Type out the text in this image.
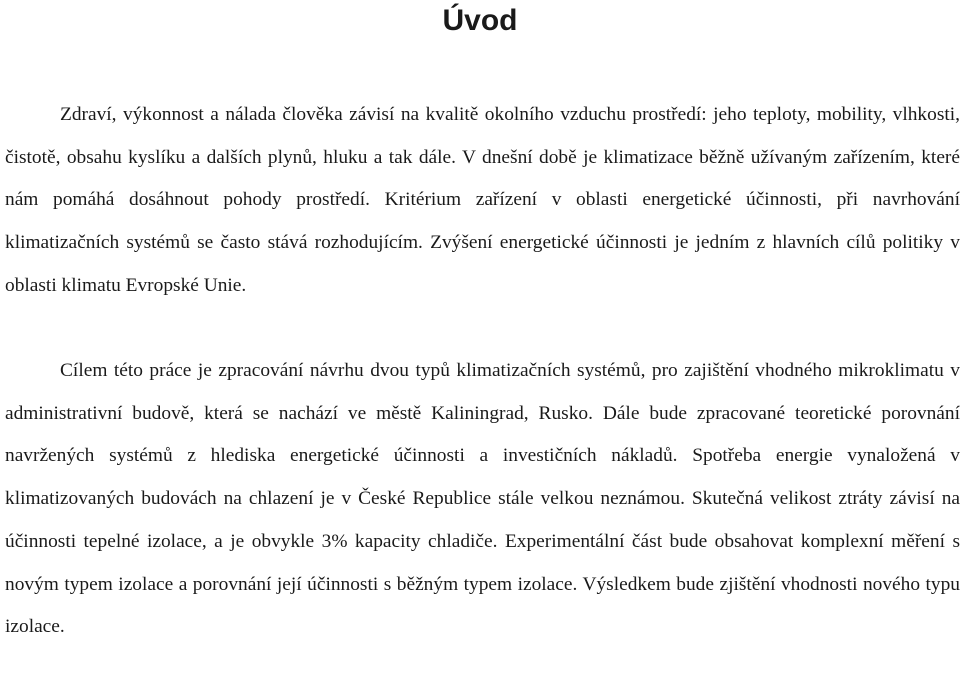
Úvod

Zdraví, výkonnost a nálada člověka závisí na kvalitě okolního vzduchu prostředí: jeho teploty, mobility, vlhkosti, čistotě, obsahu kyslíku a dalších plynů, hluku a tak dále. V dnešní době je klimatizace běžně užívaným zařízením, které nám pomáhá dosáhnout pohody prostředí. Kritérium zařízení v oblasti energetické účinnosti, při navrhování klimatizačních systémů se často stává rozhodujícím. Zvýšení energetické účinnosti je jedním z hlavních cílů politiky v oblasti klimatu Evropské Unie.

Cílem této práce je zpracování návrhu dvou typů klimatizačních systémů, pro zajištění vhodného mikroklimatu v administrativní budově, která se nachází ve městě Kaliningrad, Rusko. Dále bude zpracované teoretické porovnání navržených systémů z hlediska energetické účinnosti a investičních nákladů. Spotřeba energie vynaložená v klimatizovaných budovách na chlazení je v České Republice stále velkou neznámou. Skutečná velikost ztráty závisí na účinnosti tepelné izolace, a je obvykle 3% kapacity chladiče. Experimentální část bude obsahovat komplexní měření s novým typem izolace a porovnání její účinnosti s běžným typem izolace. Výsledkem bude zjištění vhodnosti nového typu izolace.
